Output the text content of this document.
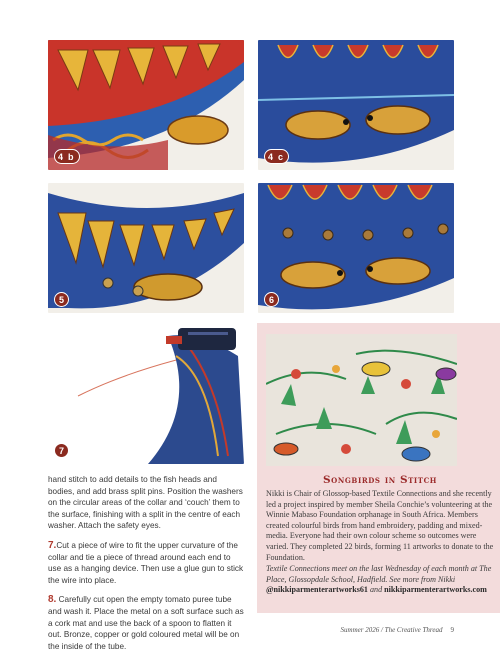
4 b	4 c
5	6
7

hand stitch to add details to the fish heads and bodies, and add brass split pins. Position the washers on the circular areas of the collar and ‘couch’ them to the surface, finishing with a split in the centre of each washer. Attach the safety eyes.

7.Cut a piece of wire to fit the upper curvature of the collar and tie a piece of thread around each end to use as a hanging device. Then use a glue gun to stick the wire into place.

8. Carefully cut open the empty tomato puree tube and wash it. Place the metal on a soft surface such as a cork mat and use the back of a spoon to flatten it out. Bronze, copper or gold coloured metal will be on the inside of the tube.

Songbirds in Stitch

Nikki is Chair of Glossop-based Textile Connections and she recently led a project inspired by member Sheila Conchie’s volunteering at the Winnie Mabaso Foundation orphanage in South Africa. Members created colourful birds from hand embroidery, padding and mixed-media. Everyone had their own colour scheme so outcomes were varied. They completed 22 birds, forming 11 artworks to donate to the Foundation.

Textile Connections meet on the last Wednesday of each month at The Place, Glossopdale School, Hadfield. See more from Nikki @nikkiparmenterartworks61 and nikkiparmenterartworks.com

Summer 2026 / The Creative Thread 9
